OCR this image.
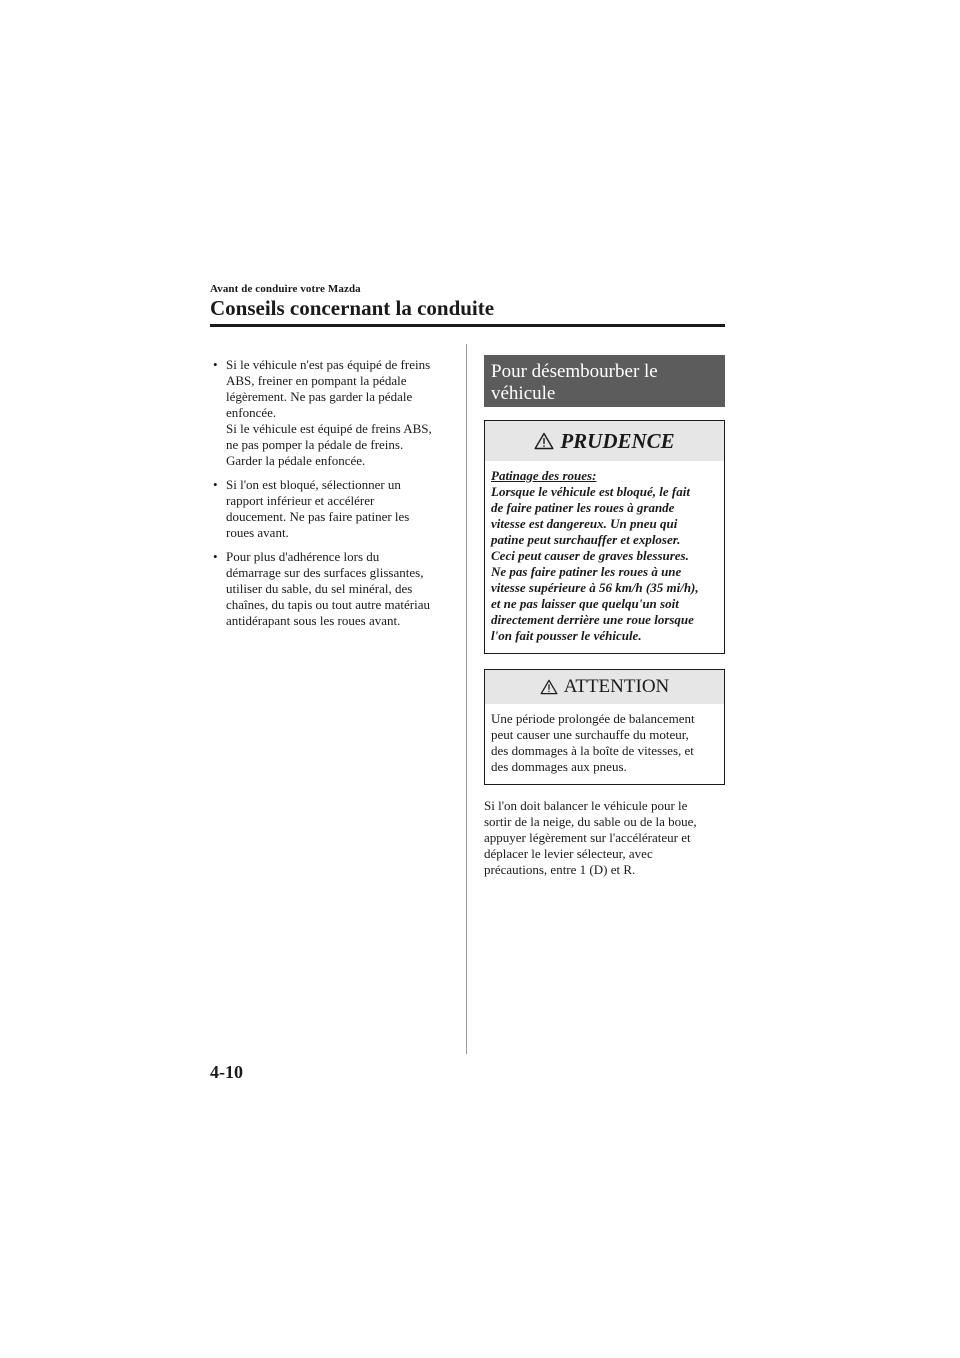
Avant de conduire votre Mazda
Conseils concernant la conduite
• Si le véhicule n'est pas équipé de freins
ABS, freiner en pompant la pédale
légèrement. Ne pas garder la pédale
enfoncée.
Si le véhicule est équipé de freins ABS,
ne pas pomper la pédale de freins.
Garder la pédale enfoncée.
• Si l'on est bloqué, sélectionner un
rapport inférieur et accélérer
doucement. Ne pas faire patiner les
roues avant.
• Pour plus d'adhérence lors du
démarrage sur des surfaces glissantes,
utiliser du sable, du sel minéral, des
chaînes, du tapis ou tout autre matériau
antidérapant sous les roues avant.
Pour désembourber le
véhicule
PRUDENCE
Patinage des roues:
Lorsque le véhicule est bloqué, le fait
de faire patiner les roues à grande
vitesse est dangereux. Un pneu qui
patine peut surchauffer et exploser.
Ceci peut causer de graves blessures.
Ne pas faire patiner les roues à une
vitesse supérieure à 56 km/h (35 mi/h),
et ne pas laisser que quelqu'un soit
directement derrière une roue lorsque
l'on fait pousser le véhicule.
ATTENTION
Une période prolongée de balancement
peut causer une surchauffe du moteur,
des dommages à la boîte de vitesses, et
des dommages aux pneus.
Si l'on doit balancer le véhicule pour le
sortir de la neige, du sable ou de la boue,
appuyer légèrement sur l'accélérateur et
déplacer le levier sélecteur, avec
précautions, entre 1 (D) et R.
4-10
